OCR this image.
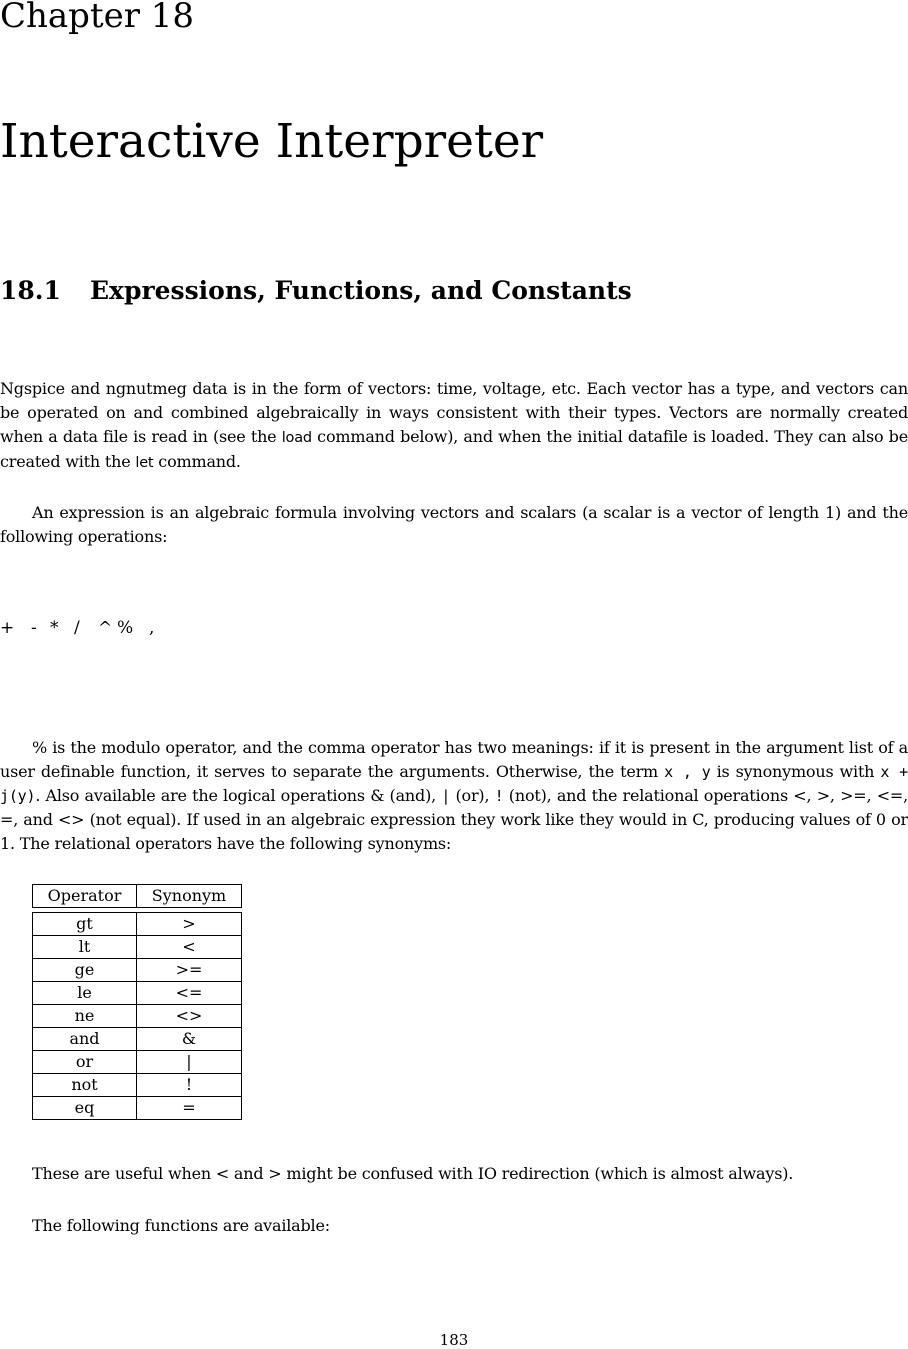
Chapter 18
Interactive Interpreter
18.1 Expressions, Functions, and Constants

Ngspice and ngnutmeg data is in the form of vectors: time, voltage, etc. Each vector has a type, and vectors can be operated on and combined algebraically in ways consistent with their types. Vectors are normally created when a data file is read in (see the load command below), and when the initial datafile is loaded. They can also be created with the let command.

An expression is an algebraic formula involving vectors and scalars (a scalar is a vector of length 1) and the following operations:

+ - * / ^ % ,

% is the modulo operator, and the comma operator has two meanings: if it is present in the argument list of a user definable function, it serves to separate the arguments. Otherwise, the term x , y is synonymous with x + j(y). Also available are the logical operations & (and), | (or), ! (not), and the relational operations <, >, >=, <=, =, and <> (not equal). If used in an algebraic expression they work like they would in C, producing values of 0 or 1. The relational operators have the following synonyms:

Operator	Synonym

gt	>
lt	<
ge	>=
le	<=
ne	<>
and	&
or	|
not	!
eq	=

These are useful when < and > might be confused with IO redirection (which is almost always).

The following functions are available:

183
